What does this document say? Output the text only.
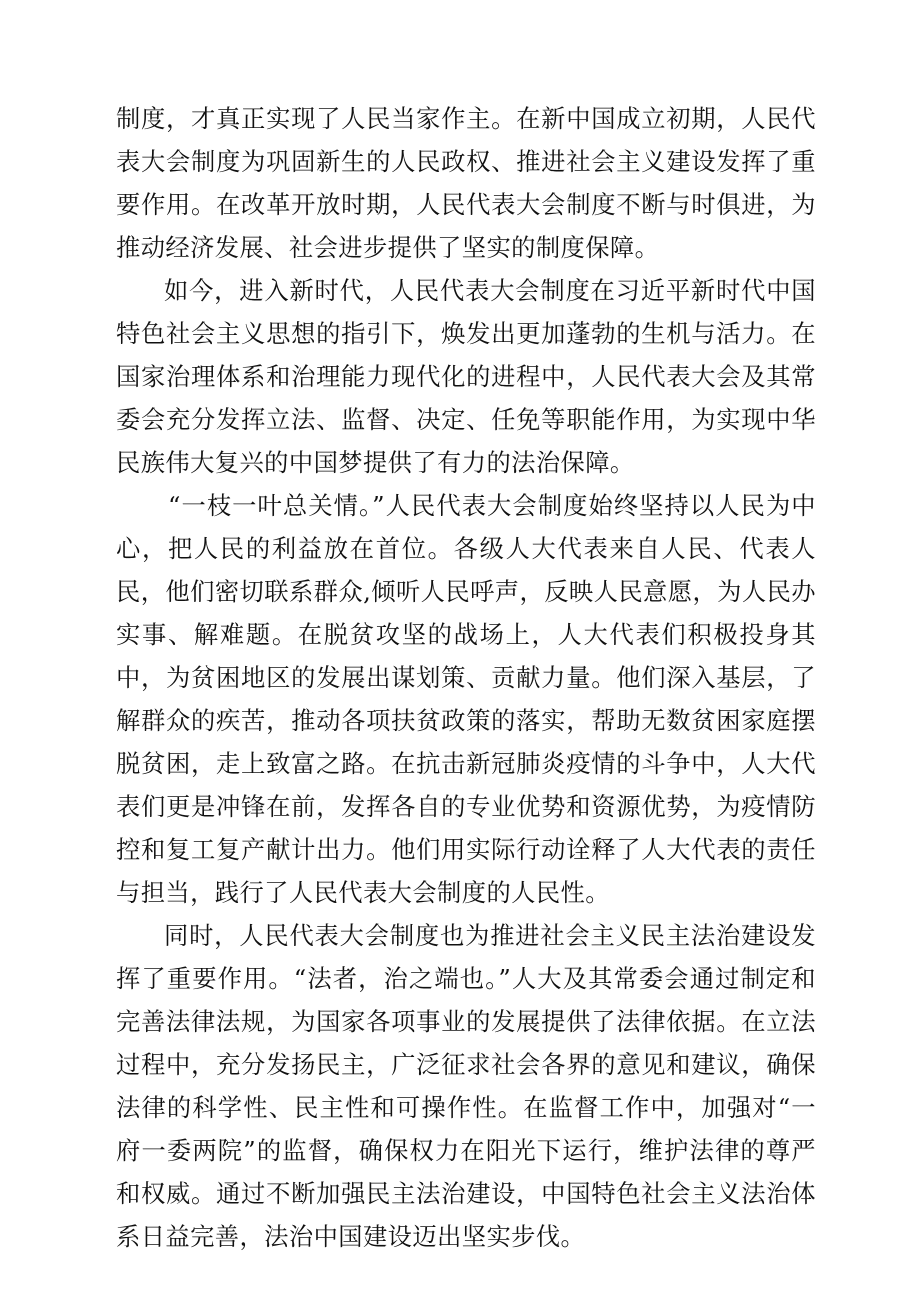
制度，才真正实现了人民当家作主。在新中国成立初期，人民代表大会制度为巩固新生的人民政权、推进社会主义建设发挥了重要作用。在改革开放时期，人民代表大会制度不断与时俱进，为推动经济发展、社会进步提供了坚实的制度保障。

如今，进入新时代，人民代表大会制度在习近平新时代中国特色社会主义思想的指引下，焕发出更加蓬勃的生机与活力。在国家治理体系和治理能力现代化的进程中，人民代表大会及其常委会充分发挥立法、监督、决定、任免等职能作用，为实现中华民族伟大复兴的中国梦提供了有力的法治保障。

“一枝一叶总关情。”人民代表大会制度始终坚持以人民为中心，把人民的利益放在首位。各级人大代表来自人民、代表人民，他们密切联系群众,倾听人民呼声，反映人民意愿，为人民办实事、解难题。在脱贫攻坚的战场上，人大代表们积极投身其中，为贫困地区的发展出谋划策、贡献力量。他们深入基层，了解群众的疾苦，推动各项扶贫政策的落实，帮助无数贫困家庭摆脱贫困，走上致富之路。在抗击新冠肺炎疫情的斗争中，人大代表们更是冲锋在前，发挥各自的专业优势和资源优势，为疫情防控和复工复产献计出力。他们用实际行动诠释了人大代表的责任与担当，践行了人民代表大会制度的人民性。

同时，人民代表大会制度也为推进社会主义民主法治建设发挥了重要作用。“法者，治之端也。”人大及其常委会通过制定和完善法律法规，为国家各项事业的发展提供了法律依据。在立法过程中，充分发扬民主，广泛征求社会各界的意见和建议，确保法律的科学性、民主性和可操作性。在监督工作中，加强对“一府一委两院”的监督，确保权力在阳光下运行，维护法律的尊严和权威。通过不断加强民主法治建设，中国特色社会主义法治体系日益完善，法治中国建设迈出坚实步伐。
